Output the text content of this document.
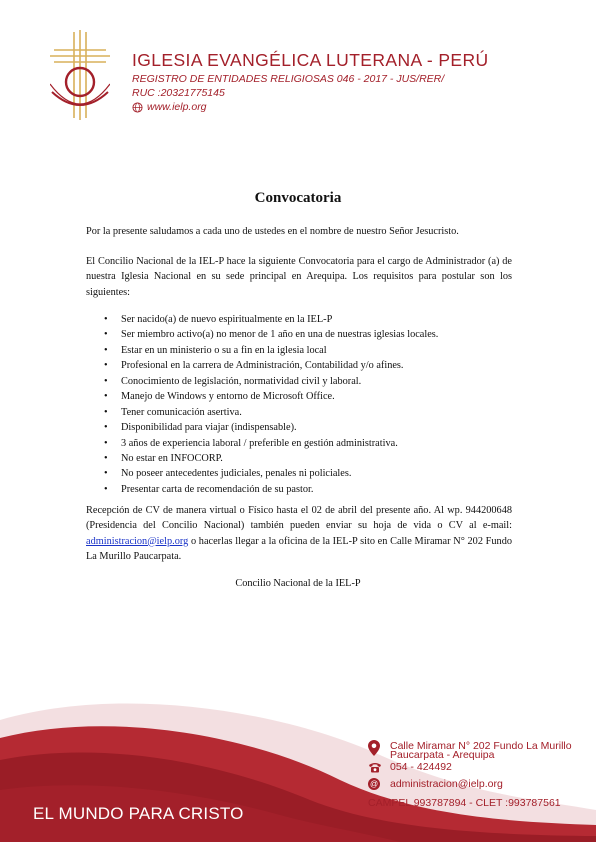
IGLESIA EVANGÉLICA LUTERANA - PERÚ
REGISTRO DE ENTIDADES RELIGIOSAS 046 - 2017 - JUS/RER/
RUC :20321775145
www.ielp.org
Convocatoria
Por la presente saludamos a cada uno de ustedes en el nombre de nuestro Señor Jesucristo.
El Concilio Nacional de la IEL-P hace la siguiente Convocatoria para el cargo de Administrador (a) de nuestra Iglesia Nacional en su sede principal en Arequipa. Los requisitos para postular son los siguientes:
• Ser nacido(a) de nuevo espiritualmente en la IEL-P
• Ser miembro activo(a) no menor de 1 año en una de nuestras iglesias locales.
• Estar en un ministerio o su a fin en la iglesia local
• Profesional en la carrera de Administración, Contabilidad y/o afines.
• Conocimiento de legislación, normatividad civil y laboral.
• Manejo de Windows y entorno de Microsoft Office.
• Tener comunicación asertiva.
• Disponibilidad para viajar (indispensable).
• 3 años de experiencia laboral / preferible en gestión administrativa.
• No estar en INFOCORP.
• No poseer antecedentes judiciales, penales ni policiales.
• Presentar carta de recomendación de su pastor.
Recepción de CV de manera virtual o Físico hasta el 02 de abril del presente año. Al wp. 944200648 (Presidencia del Concilio Nacional) también pueden enviar su hoja de vida o CV al e-mail: administracion@ielp.org o hacerlas llegar a la oficina de la IEL-P sito en Calle Miramar N° 202 Fundo La Murillo Paucarpata.
Concilio Nacional de la IEL-P
Calle Miramar N° 202 Fundo La Murillo
Paucarpata - Arequipa
054 - 424492
@ administracion@ielp.org
CAMPEL 993787894 - CLET :993787561
EL MUNDO PARA CRISTO
